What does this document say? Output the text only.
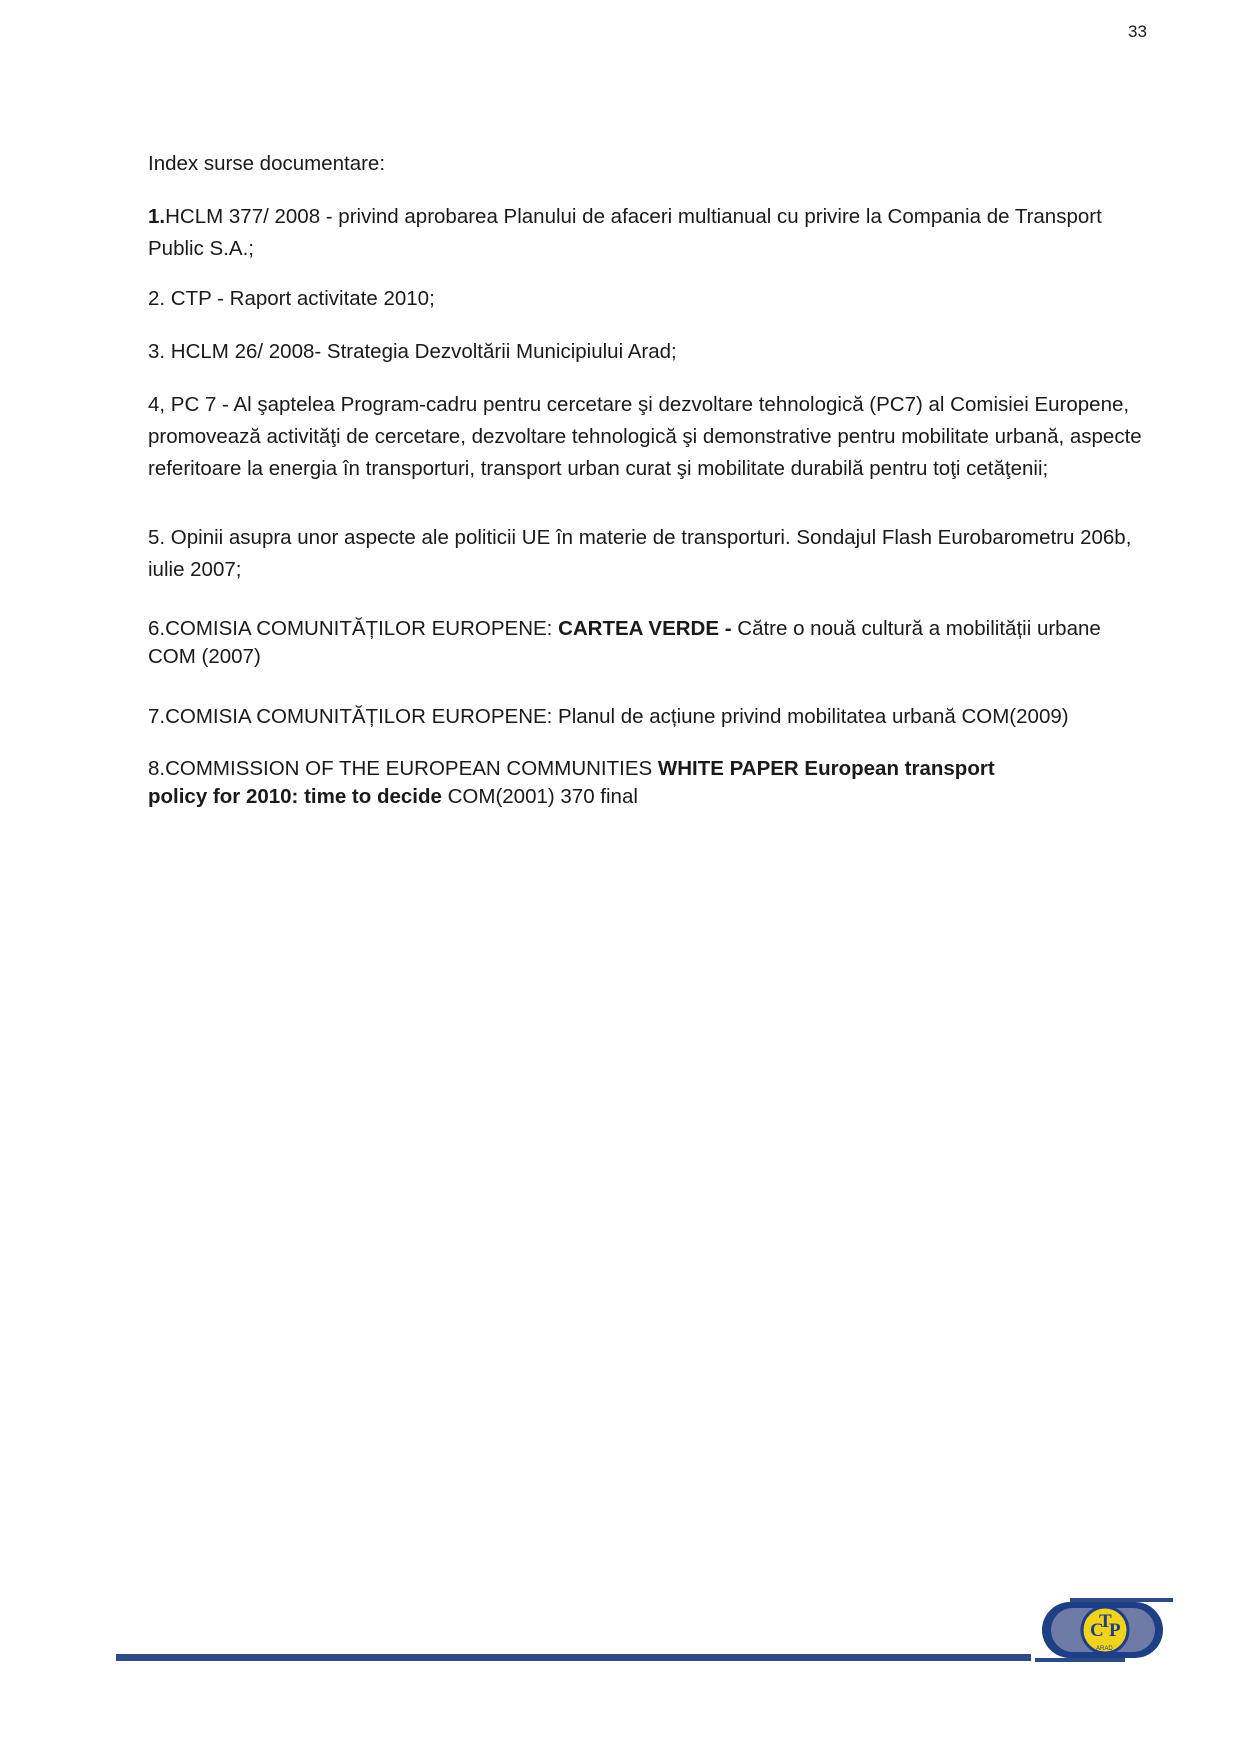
33

Index surse documentare:

1.HCLM 377/ 2008 - privind aprobarea Planului de afaceri multianual cu privire la Compania de Transport Public S.A.;

2. CTP - Raport activitate 2010;

3. HCLM 26/ 2008- Strategia Dezvoltării Municipiului Arad;

4, PC 7 - Al şaptelea Program-cadru pentru cercetare şi dezvoltare tehnologică (PC7) al Comisiei Europene, promovează activităţi de cercetare, dezvoltare tehnologică şi demonstrative pentru mobilitate urbană, aspecte referitoare la energia în transporturi, transport urban curat şi mobilitate durabilă pentru toţi cetăţenii;

5. Opinii asupra unor aspecte ale politicii UE în materie de transporturi. Sondajul Flash Eurobarometru 206b, iulie 2007;

6.COMISIA COMUNITĂȚILOR EUROPENE: CARTEA VERDE - Către o nouă cultură a mobilității urbane COM (2007)

7.COMISIA COMUNITĂȚILOR EUROPENE: Planul de acțiune privind mobilitatea urbană COM(2009)

8.COMMISSION OF THE EUROPEAN COMMUNITIES WHITE PAPER European transport policy for 2010: time to decide COM(2001) 370 final

C
T
P
ARAD
